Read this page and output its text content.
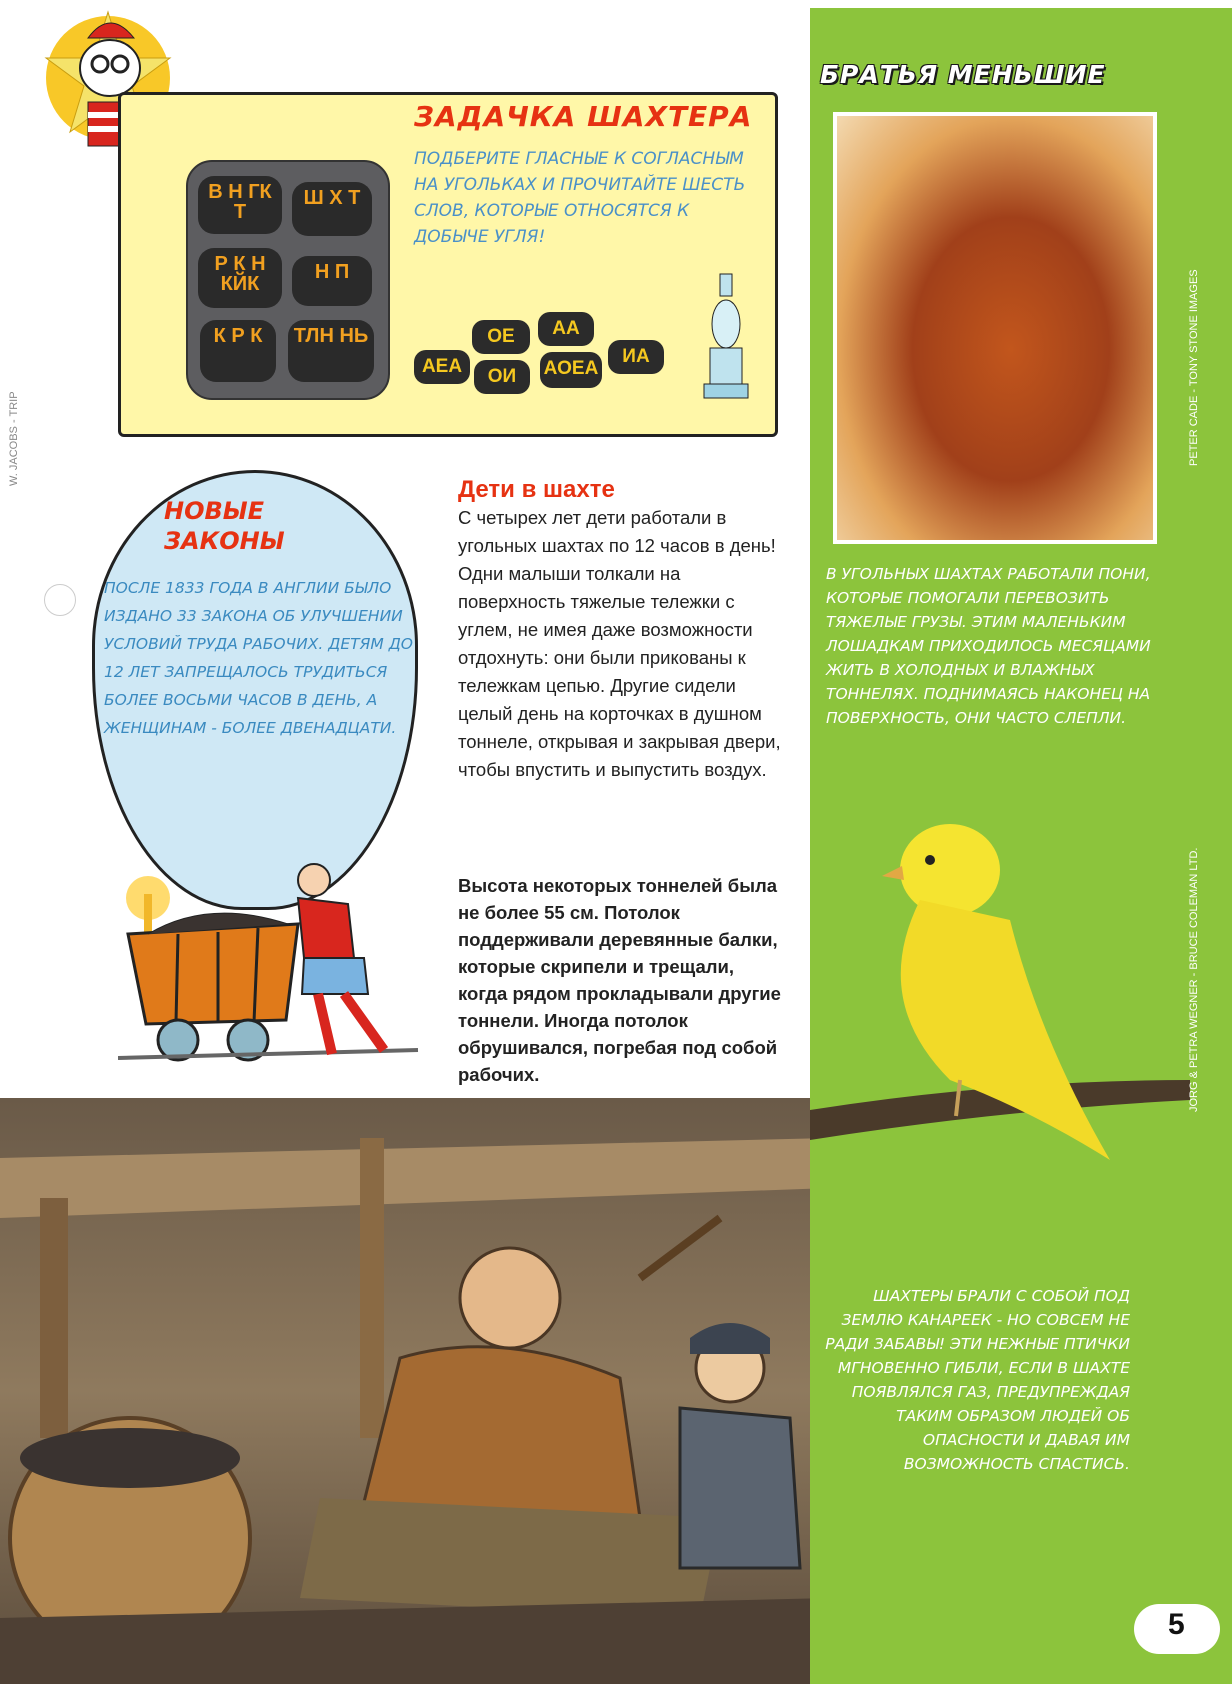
W. JACOBS - TRIP
ЗАДАЧКА ШАХТЕРА
ПОДБЕРИТЕ ГЛАСНЫЕ К СОГЛАСНЫМ НА УГОЛЬКАХ И ПРОЧИТАЙТЕ ШЕСТЬ СЛОВ, КОТОРЫЕ ОТНОСЯТСЯ К ДОБЫЧЕ УГЛЯ!
В Н ГК Т
Ш Х Т
Р К Н КЙК
Н П
К Р К	ТЛН НЬ	ОЕ	АА
АЕА	ОИ	АОЕА
ИА
НОВЫЕ ЗАКОНЫ
ПОСЛЕ 1833 ГОДА В АНГЛИИ БЫЛО ИЗДАНО 33 ЗАКОНА ОБ УЛУЧШЕНИИ УСЛОВИЙ ТРУДА РАБОЧИХ. ДЕТЯМ ДО 12 ЛЕТ ЗАПРЕЩАЛОСЬ ТРУДИТЬСЯ БОЛЕЕ ВОСЬМИ ЧАСОВ В ДЕНЬ, А ЖЕНЩИНАМ - БОЛЕЕ ДВЕНАДЦАТИ.
Дети в шахте
С четырех лет дети работали в угольных шахтах по 12 часов в день! Одни малыши толкали на поверхность тяжелые тележки с углем, не имея даже возможности отдохнуть: они были прикованы к тележкам цепью. Другие сидели целый день на корточках в душном тоннеле, открывая и закрывая двери, чтобы впустить и выпустить воздух.
Высота некоторых тоннелей была не более 55 см. Потолок поддерживали деревянные балки, которые скрипели и трещали, когда рядом прокладывали другие тоннели. Иногда потолок обрушивался, погребая под собой рабочих.
БРАТЬЯ МЕНЬШИЕ
PETER CADE - TONY STONE IMAGES
В УГОЛЬНЫХ ШАХТАХ РАБОТАЛИ ПОНИ, КОТОРЫЕ ПОМОГАЛИ ПЕРЕВОЗИТЬ ТЯЖЕЛЫЕ ГРУЗЫ. ЭТИМ МАЛЕНЬКИМ ЛОШАДКАМ ПРИХОДИЛОСЬ МЕСЯЦАМИ ЖИТЬ В ХОЛОДНЫХ И ВЛАЖНЫХ ТОННЕЛЯХ. ПОДНИМАЯСЬ НАКОНЕЦ НА ПОВЕРХНОСТЬ, ОНИ ЧАСТО СЛЕПЛИ.
JORG & PETRA WEGNER - BRUCE COLEMAN LTD.
ШАХТЕРЫ БРАЛИ С СОБОЙ ПОД ЗЕМЛЮ КАНАРЕЕК - НО СОВСЕМ НЕ РАДИ ЗАБАВЫ! ЭТИ НЕЖНЫЕ ПТИЧКИ МГНОВЕННО ГИБЛИ, ЕСЛИ В ШАХТЕ ПОЯВЛЯЛСЯ ГАЗ, ПРЕДУПРЕЖДАЯ ТАКИМ ОБРАЗОМ ЛЮДЕЙ ОБ ОПАСНОСТИ И ДАВАЯ ИМ ВОЗМОЖНОСТЬ СПАСТИСЬ.
5
